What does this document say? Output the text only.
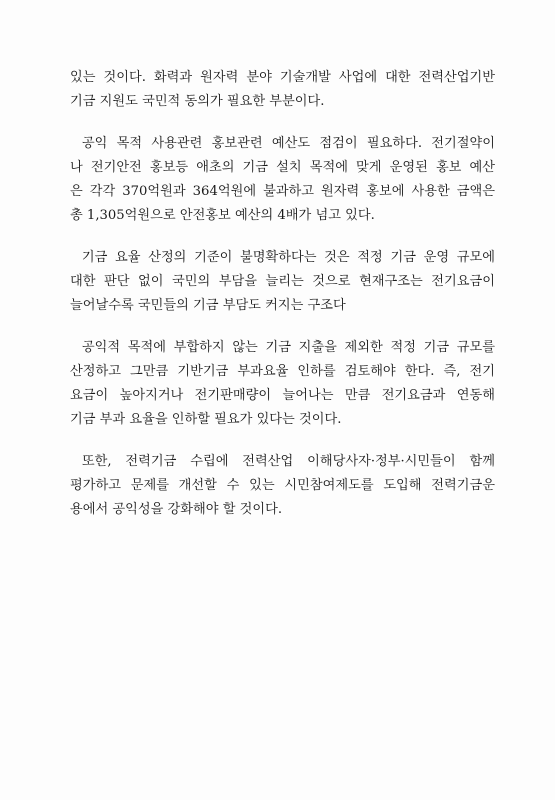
있는 것이다. 화력과 원자력 분야 기술개발 사업에 대한 전력산업기반
기금 지원도 국민적 동의가 필요한 부분이다.

공익 목적 사용관련 홍보관련 예산도 점검이 필요하다. 전기절약이
나 전기안전 홍보등 애초의 기금 설치 목적에 맞게 운영된 홍보 예산
은 각각 370억원과 364억원에 불과하고 원자력 홍보에 사용한 금액은
총 1,305억원으로 안전홍보 예산의 4배가 넘고 있다.

기금 요율 산정의 기준이 불명확하다는 것은 적정 기금 운영 규모에
대한 판단 없이 국민의 부담을 늘리는 것으로 현재구조는 전기요금이
늘어날수록 국민들의 기금 부담도 커지는 구조다

공익적 목적에 부합하지 않는 기금 지출을 제외한 적정 기금 규모를
산정하고 그만큼 기반기금 부과요율 인하를 검토해야 한다. 즉, 전기
요금이 높아지거나 전기판매량이 늘어나는 만큼 전기요금과 연동해
기금 부과 요율을 인하할 필요가 있다는 것이다.

또한, 전력기금 수립에 전력산업 이해당사자·정부·시민들이 함께
평가하고 문제를 개선할 수 있는 시민참여제도를 도입해 전력기금운
용에서 공익성을 강화해야 할 것이다.
